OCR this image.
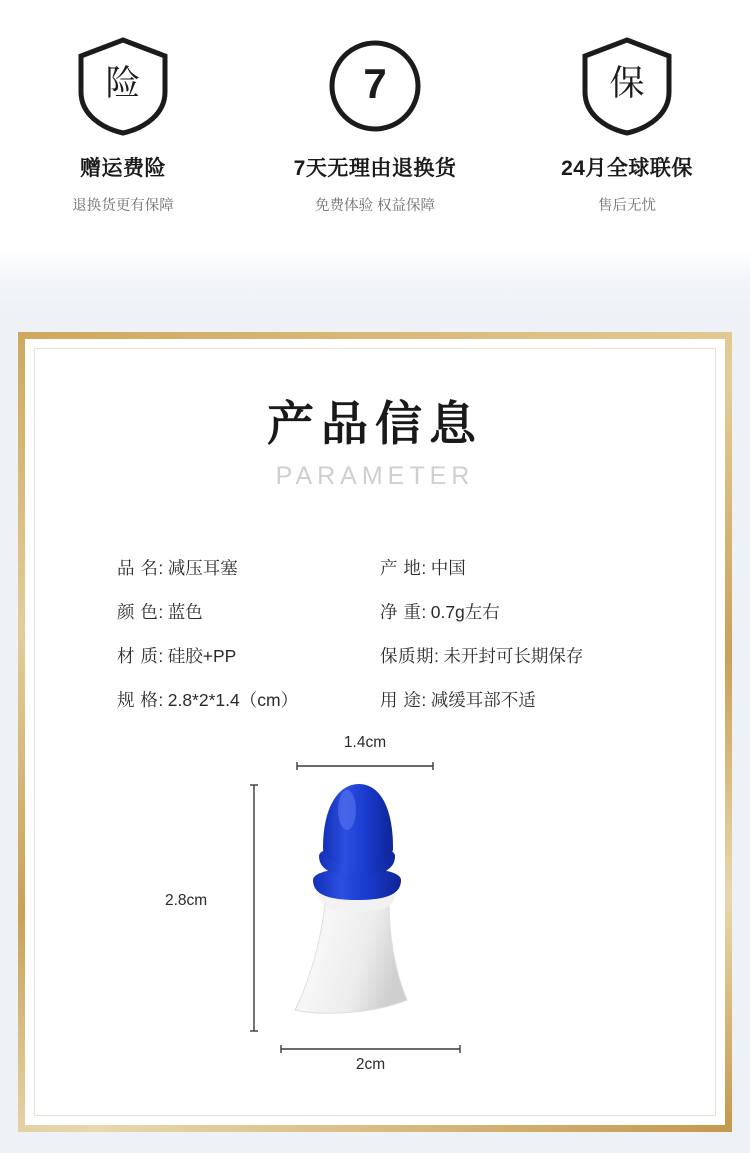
险
赠运费险
退换货更有保障
7
7天无理由退换货
免费体验 权益保障
保
24月全球联保
售后无忧
产品信息
PARAMETER
品 名: 减压耳塞	产 地: 中国
颜 色: 蓝色	净 重: 0.7g左右
材 质: 硅胶+PP	保质期: 未开封可长期保存
规 格: 2.8*2*1.4（cm）	用 途: 减缓耳部不适
1.4cm
2.8cm
2cm
